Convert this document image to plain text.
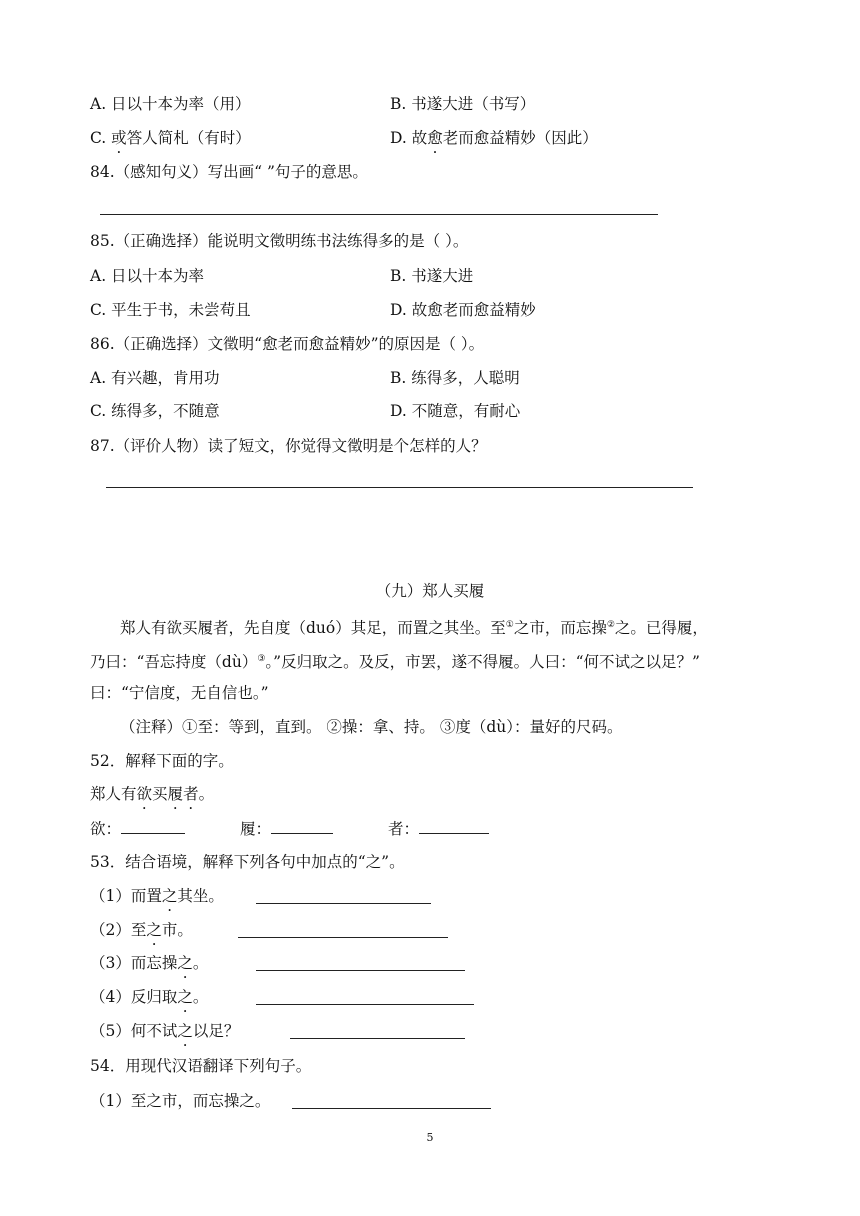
A. 日以十本为率（用）	B. 书遂大进（书写）
C. 或答人简札（有时）	D. 故愈老而愈益精妙（因此）
84.（感知句义）写出画“ ”句子的意思。
85.（正确选择）能说明文徵明练书法练得多的是（ ）。
A. 日以十本为率	B. 书遂大进
C. 平生于书，未尝苟且	D. 故愈老而愈益精妙
86.（正确选择）文徵明“愈老而愈益精妙”的原因是（ ）。
A. 有兴趣，肯用功	B. 练得多，人聪明
C. 练得多，不随意	D. 不随意，有耐心
87.（评价人物）读了短文，你觉得文徵明是个怎样的人？
（九）郑人买履
郑人有欲买履者，先自度（duó）其足，而置之其坐。至①之市，而忘操②之。已得履，
乃曰：“吾忘持度（dù）③。”反归取之。及反，市罢，遂不得履。人曰：“何不试之以足？”
曰：“宁信度，无自信也。”
（注释）①至：等到，直到。 ②操：拿、持。 ③度（dù）：量好的尺码。
52．解释下面的字。
郑人有欲买履者。
欲：	履：	者：
53．结合语境，解释下列各句中加点的“之”。
（1）而置之其坐。
（2）至之市。
（3）而忘操之。
（4）反归取之。
（5）何不试之以足？
54．用现代汉语翻译下列句子。
（1）至之市，而忘操之。
5
